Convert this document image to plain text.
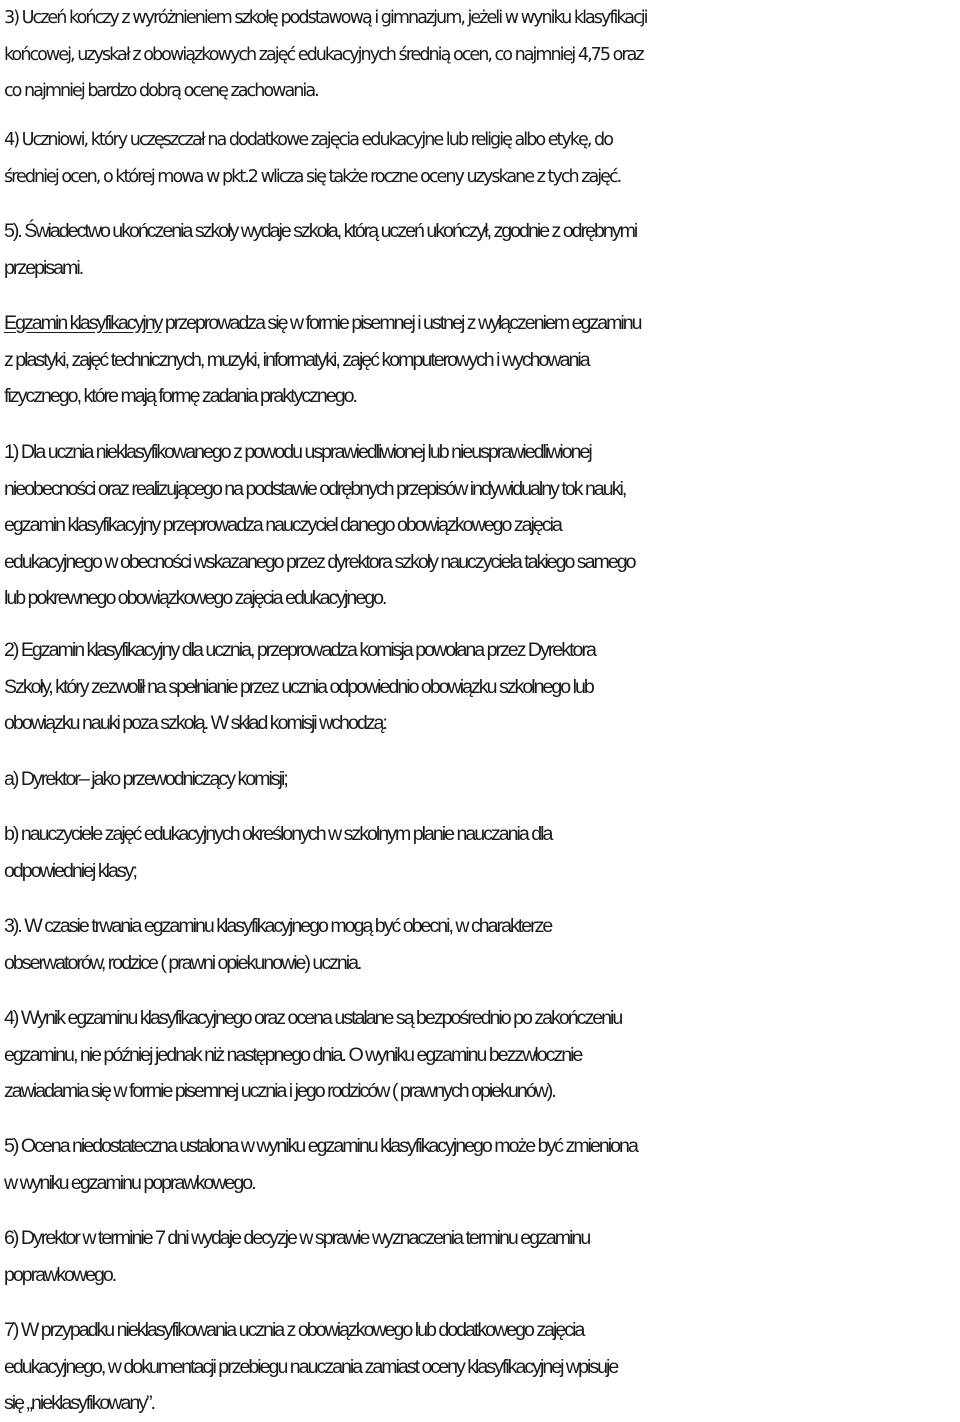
3) Uczeń kończy z wyróżnieniem szkołę podstawową i gimnazjum, jeżeli w wyniku klasyfikacji
końcowej, uzyskał z obowiązkowych zajęć edukacyjnych średnią ocen, co najmniej 4,75 oraz
co najmniej bardzo dobrą ocenę zachowania.
4) Uczniowi, który uczęszczał na dodatkowe zajęcia edukacyjne lub religię albo etykę, do
średniej ocen, o której mowa w pkt.2 wlicza się także roczne oceny uzyskane z tych zajęć.
5). Świadectwo ukończenia szkoły wydaje szkoła, którą uczeń ukończył, zgodnie z odrębnymi
przepisami.
Egzamin klasyfikacyjny przeprowadza się w formie pisemnej i ustnej z wyłączeniem egzaminu
z plastyki, zajęć technicznych, muzyki, informatyki, zajęć komputerowych i wychowania
fizycznego, które mają formę zadania praktycznego.
1) Dla ucznia nieklasyfikowanego z powodu usprawiedliwionej lub nieusprawiedliwionej
nieobecności oraz realizującego na podstawie odrębnych przepisów indywidualny tok nauki,
egzamin klasyfikacyjny przeprowadza nauczyciel danego obowiązkowego zajęcia
edukacyjnego w obecności wskazanego przez dyrektora szkoły nauczyciela takiego samego
lub pokrewnego obowiązkowego zajęcia edukacyjnego.
2) Egzamin klasyfikacyjny dla ucznia, przeprowadza komisja powołana przez Dyrektora
Szkoły, który zezwolił na spełnianie przez ucznia odpowiednio obowiązku szkolnego lub
obowiązku nauki poza szkołą. W skład komisji wchodzą:
a) Dyrektor– jako przewodniczący komisji;
b) nauczyciele zajęć edukacyjnych określonych w szkolnym planie nauczania dla
odpowiedniej klasy;
3). W czasie trwania egzaminu klasyfikacyjnego mogą być obecni, w charakterze
obserwatorów, rodzice ( prawni opiekunowie) ucznia.
4) Wynik egzaminu klasyfikacyjnego oraz ocena ustalane są bezpośrednio po zakończeniu
egzaminu, nie później jednak niż następnego dnia. O wyniku egzaminu bezzwłocznie
zawiadamia się w formie pisemnej ucznia i jego rodziców ( prawnych opiekunów).
5) Ocena niedostateczna ustalona w wyniku egzaminu klasyfikacyjnego może być zmieniona
w wyniku egzaminu poprawkowego.
6) Dyrektor w terminie 7 dni wydaje decyzje w sprawie wyznaczenia terminu egzaminu
poprawkowego.
7) W przypadku nieklasyfikowania ucznia z obowiązkowego lub dodatkowego zajęcia
edukacyjnego, w dokumentacji przebiegu nauczania zamiast oceny klasyfikacyjnej wpisuje
się „nieklasyfikowany”.
